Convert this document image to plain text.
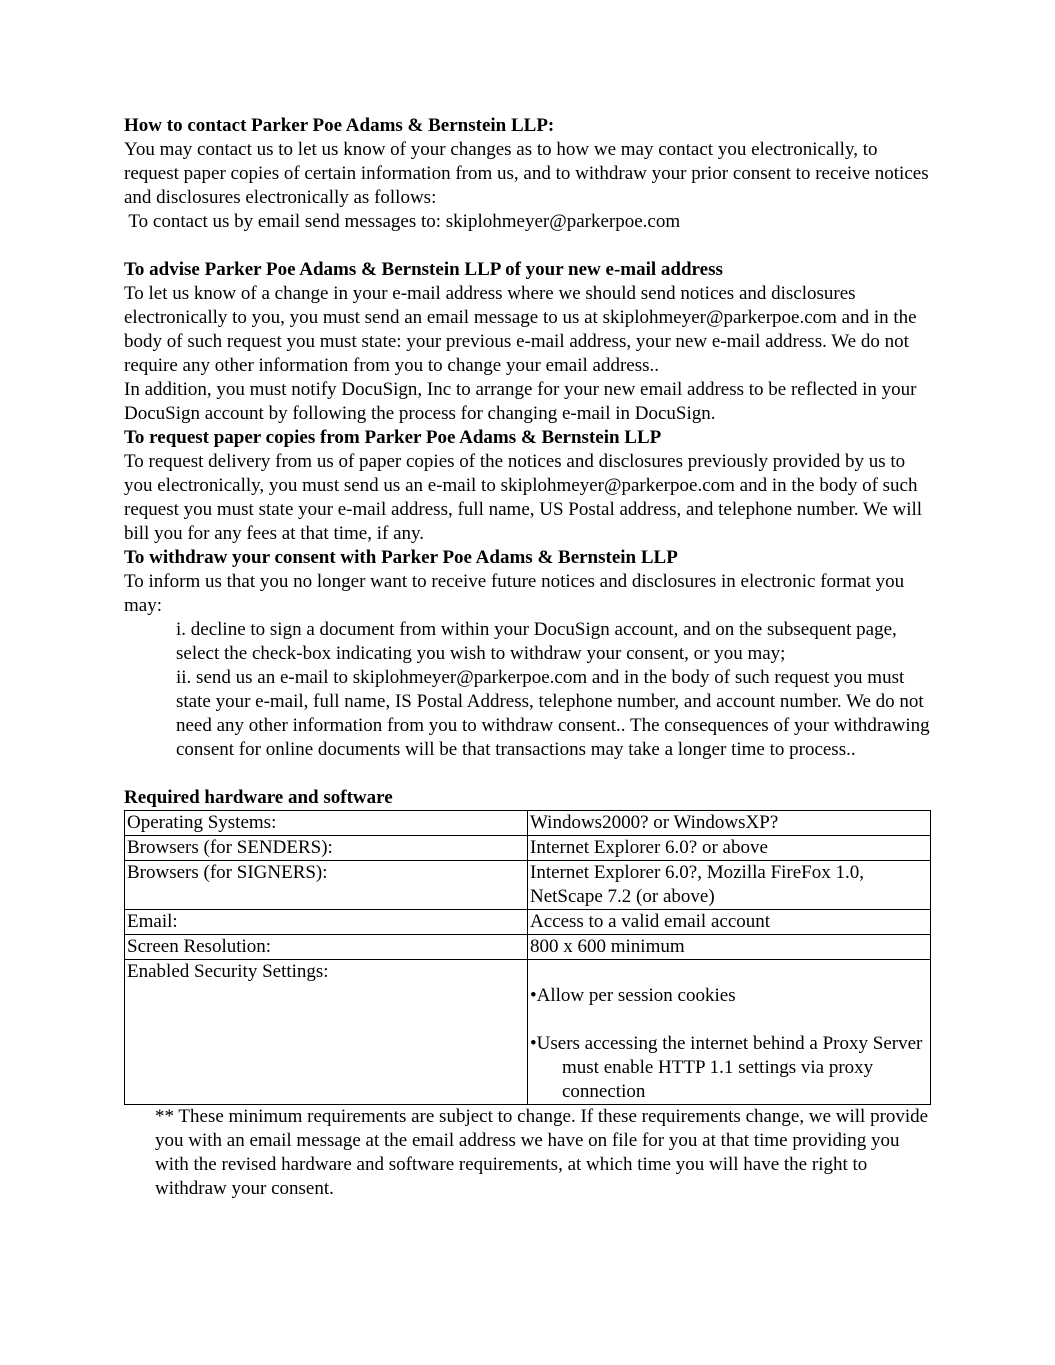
How to contact Parker Poe Adams & Bernstein LLP:

You may contact us to let us know of your changes as to how we may contact you electronically, to request paper copies of certain information from us, and to withdraw your prior consent to receive notices and disclosures electronically as follows:

To contact us by email send messages to: skiplohmeyer@parkerpoe.com

To advise Parker Poe Adams & Bernstein LLP of your new e-mail address

To let us know of a change in your e-mail address where we should send notices and disclosures electronically to you, you must send an email message to us at skiplohmeyer@parkerpoe.com and in the body of such request you must state: your previous e-mail address, your new e-mail address. We do not require any other information from you to change your email address..

In addition, you must notify DocuSign, Inc to arrange for your new email address to be reflected in your DocuSign account by following the process for changing e-mail in DocuSign.

To request paper copies from Parker Poe Adams & Bernstein LLP

To request delivery from us of paper copies of the notices and disclosures previously provided by us to you electronically, you must send us an e-mail to skiplohmeyer@parkerpoe.com and in the body of such request you must state your e-mail address, full name, US Postal address, and telephone number. We will bill you for any fees at that time, if any.

To withdraw your consent with Parker Poe Adams & Bernstein LLP

To inform us that you no longer want to receive future notices and disclosures in electronic format you may:

i. decline to sign a document from within your DocuSign account, and on the subsequent page, select the check-box indicating you wish to withdraw your consent, or you may;

ii. send us an e-mail to skiplohmeyer@parkerpoe.com and in the body of such request you must state your e-mail, full name, IS Postal Address, telephone number, and account number. We do not need any other information from you to withdraw consent.. The consequences of your withdrawing consent for online documents will be that transactions may take a longer time to process..

Required hardware and software

Operating Systems:	Windows2000? or WindowsXP?
Browsers (for SENDERS):	Internet Explorer 6.0? or above
Browsers (for SIGNERS):	Internet Explorer 6.0?, Mozilla FireFox 1.0, NetScape 7.2 (or above)
Email:	Access to a valid email account
Screen Resolution:	800 x 600 minimum
Enabled Security Settings:	•Allow per session cookies

•Users accessing the internet behind a Proxy Server must enable HTTP 1.1 settings via proxy connection

** These minimum requirements are subject to change. If these requirements change, we will provide you with an email message at the email address we have on file for you at that time providing you with the revised hardware and software requirements, at which time you will have the right to withdraw your consent.
